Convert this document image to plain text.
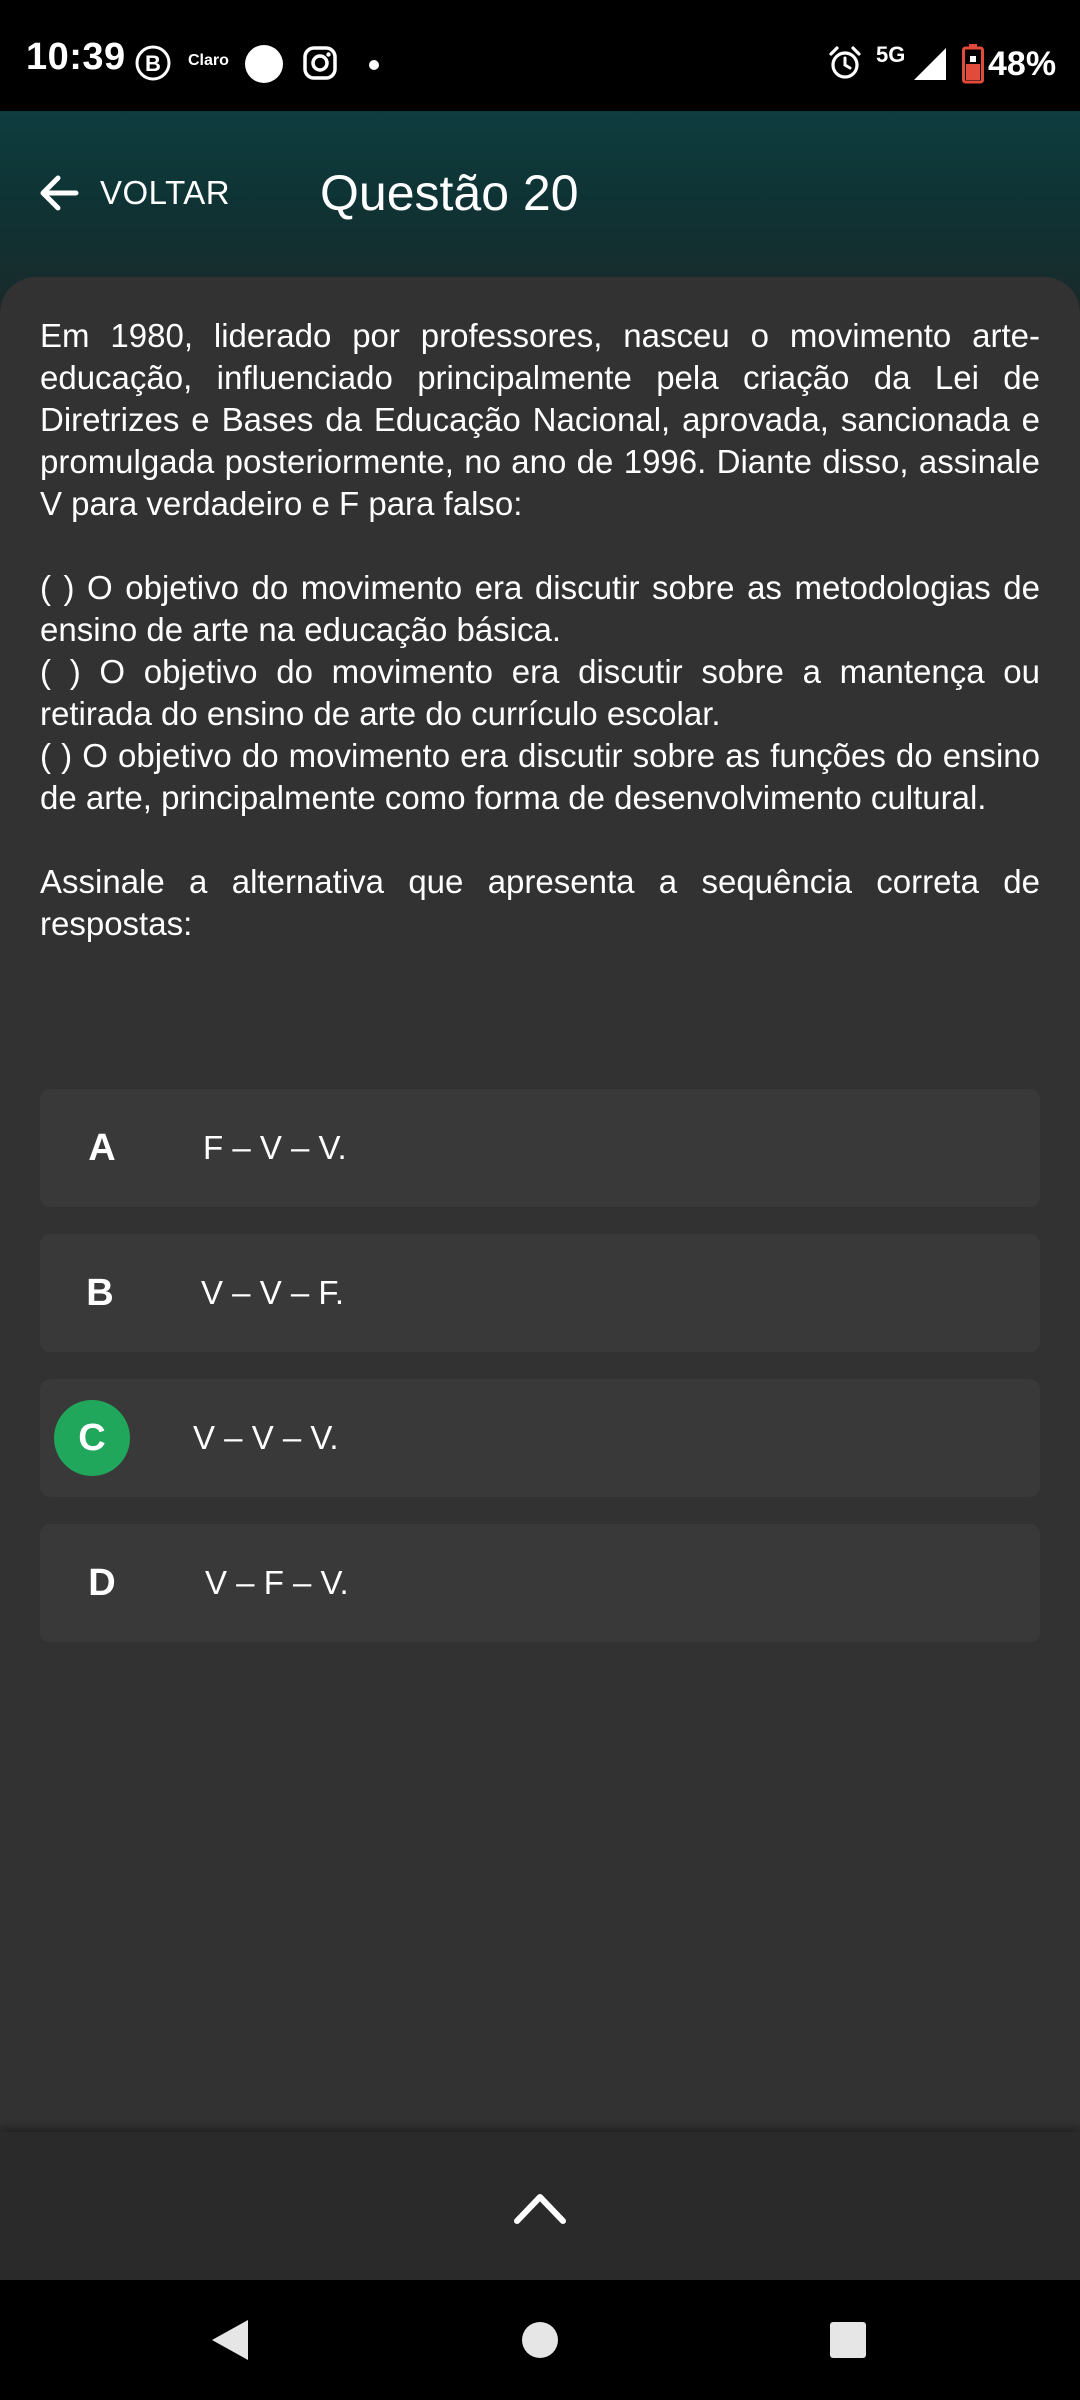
10:39 B Claro	5G 48%
VOLTAR Questão 20

Em 1980, liderado por professores, nasceu o movimento arte-educação, influenciado principalmente pela criação da Lei de Diretrizes e Bases da Educação Nacional, aprovada, sancionada e promulgada posteriormente, no ano de 1996. Diante disso, assinale V para verdadeiro e F para falso:

( ) O objetivo do movimento era discutir sobre as metodologias de ensino de arte na educação básica.

( ) O objetivo do movimento era discutir sobre a mantença ou retirada do ensino de arte do currículo escolar.

( ) O objetivo do movimento era discutir sobre as funções do ensino de arte, principalmente como forma de desenvolvimento cultural.

Assinale a alternativa que apresenta a sequência correta de respostas:

A	F – V – V.
B	V – V – F.
C	V – V – V.
D	V – F – V.
